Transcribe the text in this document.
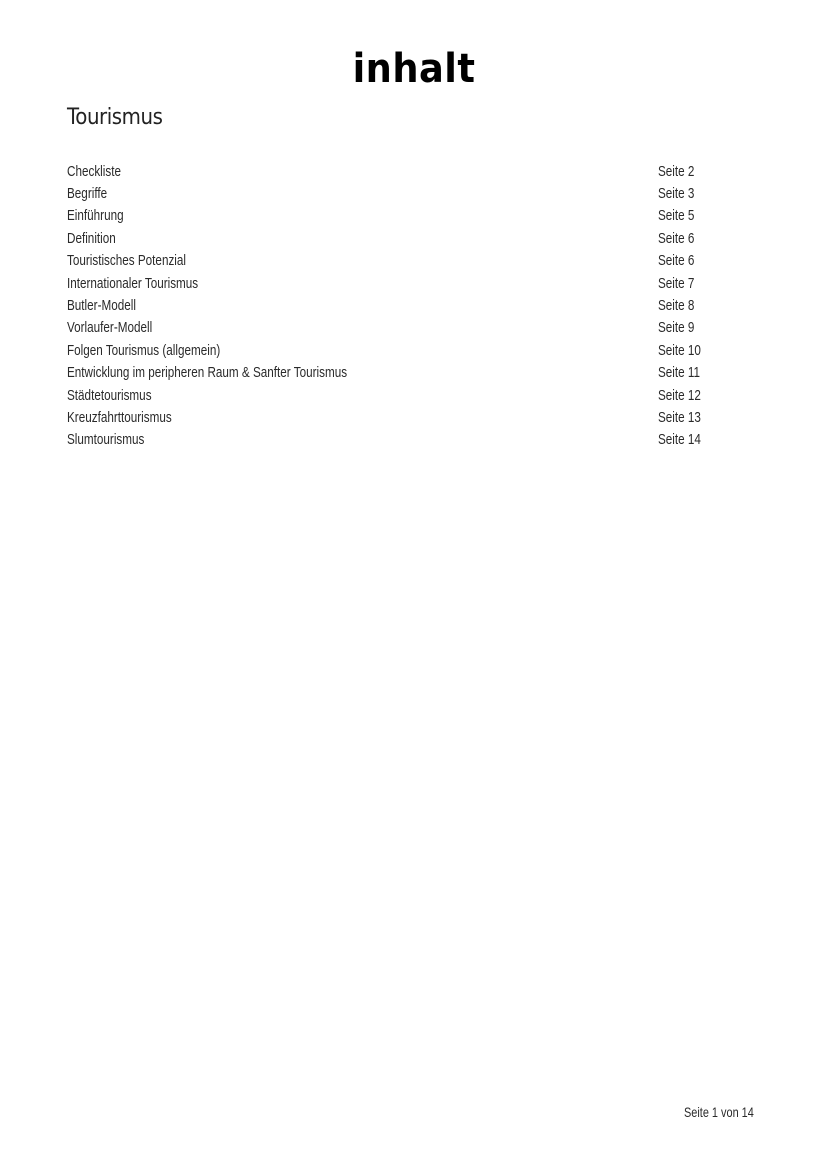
inhalt
Tourismus
Checkliste	Seite 2
Begriffe	Seite 3
Einführung	Seite 5
Definition	Seite 6
Touristisches Potenzial	Seite 6
Internationaler Tourismus	Seite 7
Butler-Modell	Seite 8
Vorlaufer-Modell	Seite 9
Folgen Tourismus (allgemein)	Seite 10
Entwicklung im peripheren Raum & Sanfter Tourismus	Seite 11
Städtetourismus	Seite 12
Kreuzfahrttourismus	Seite 13
Slumtourismus	Seite 14
Seite 1 von 14
